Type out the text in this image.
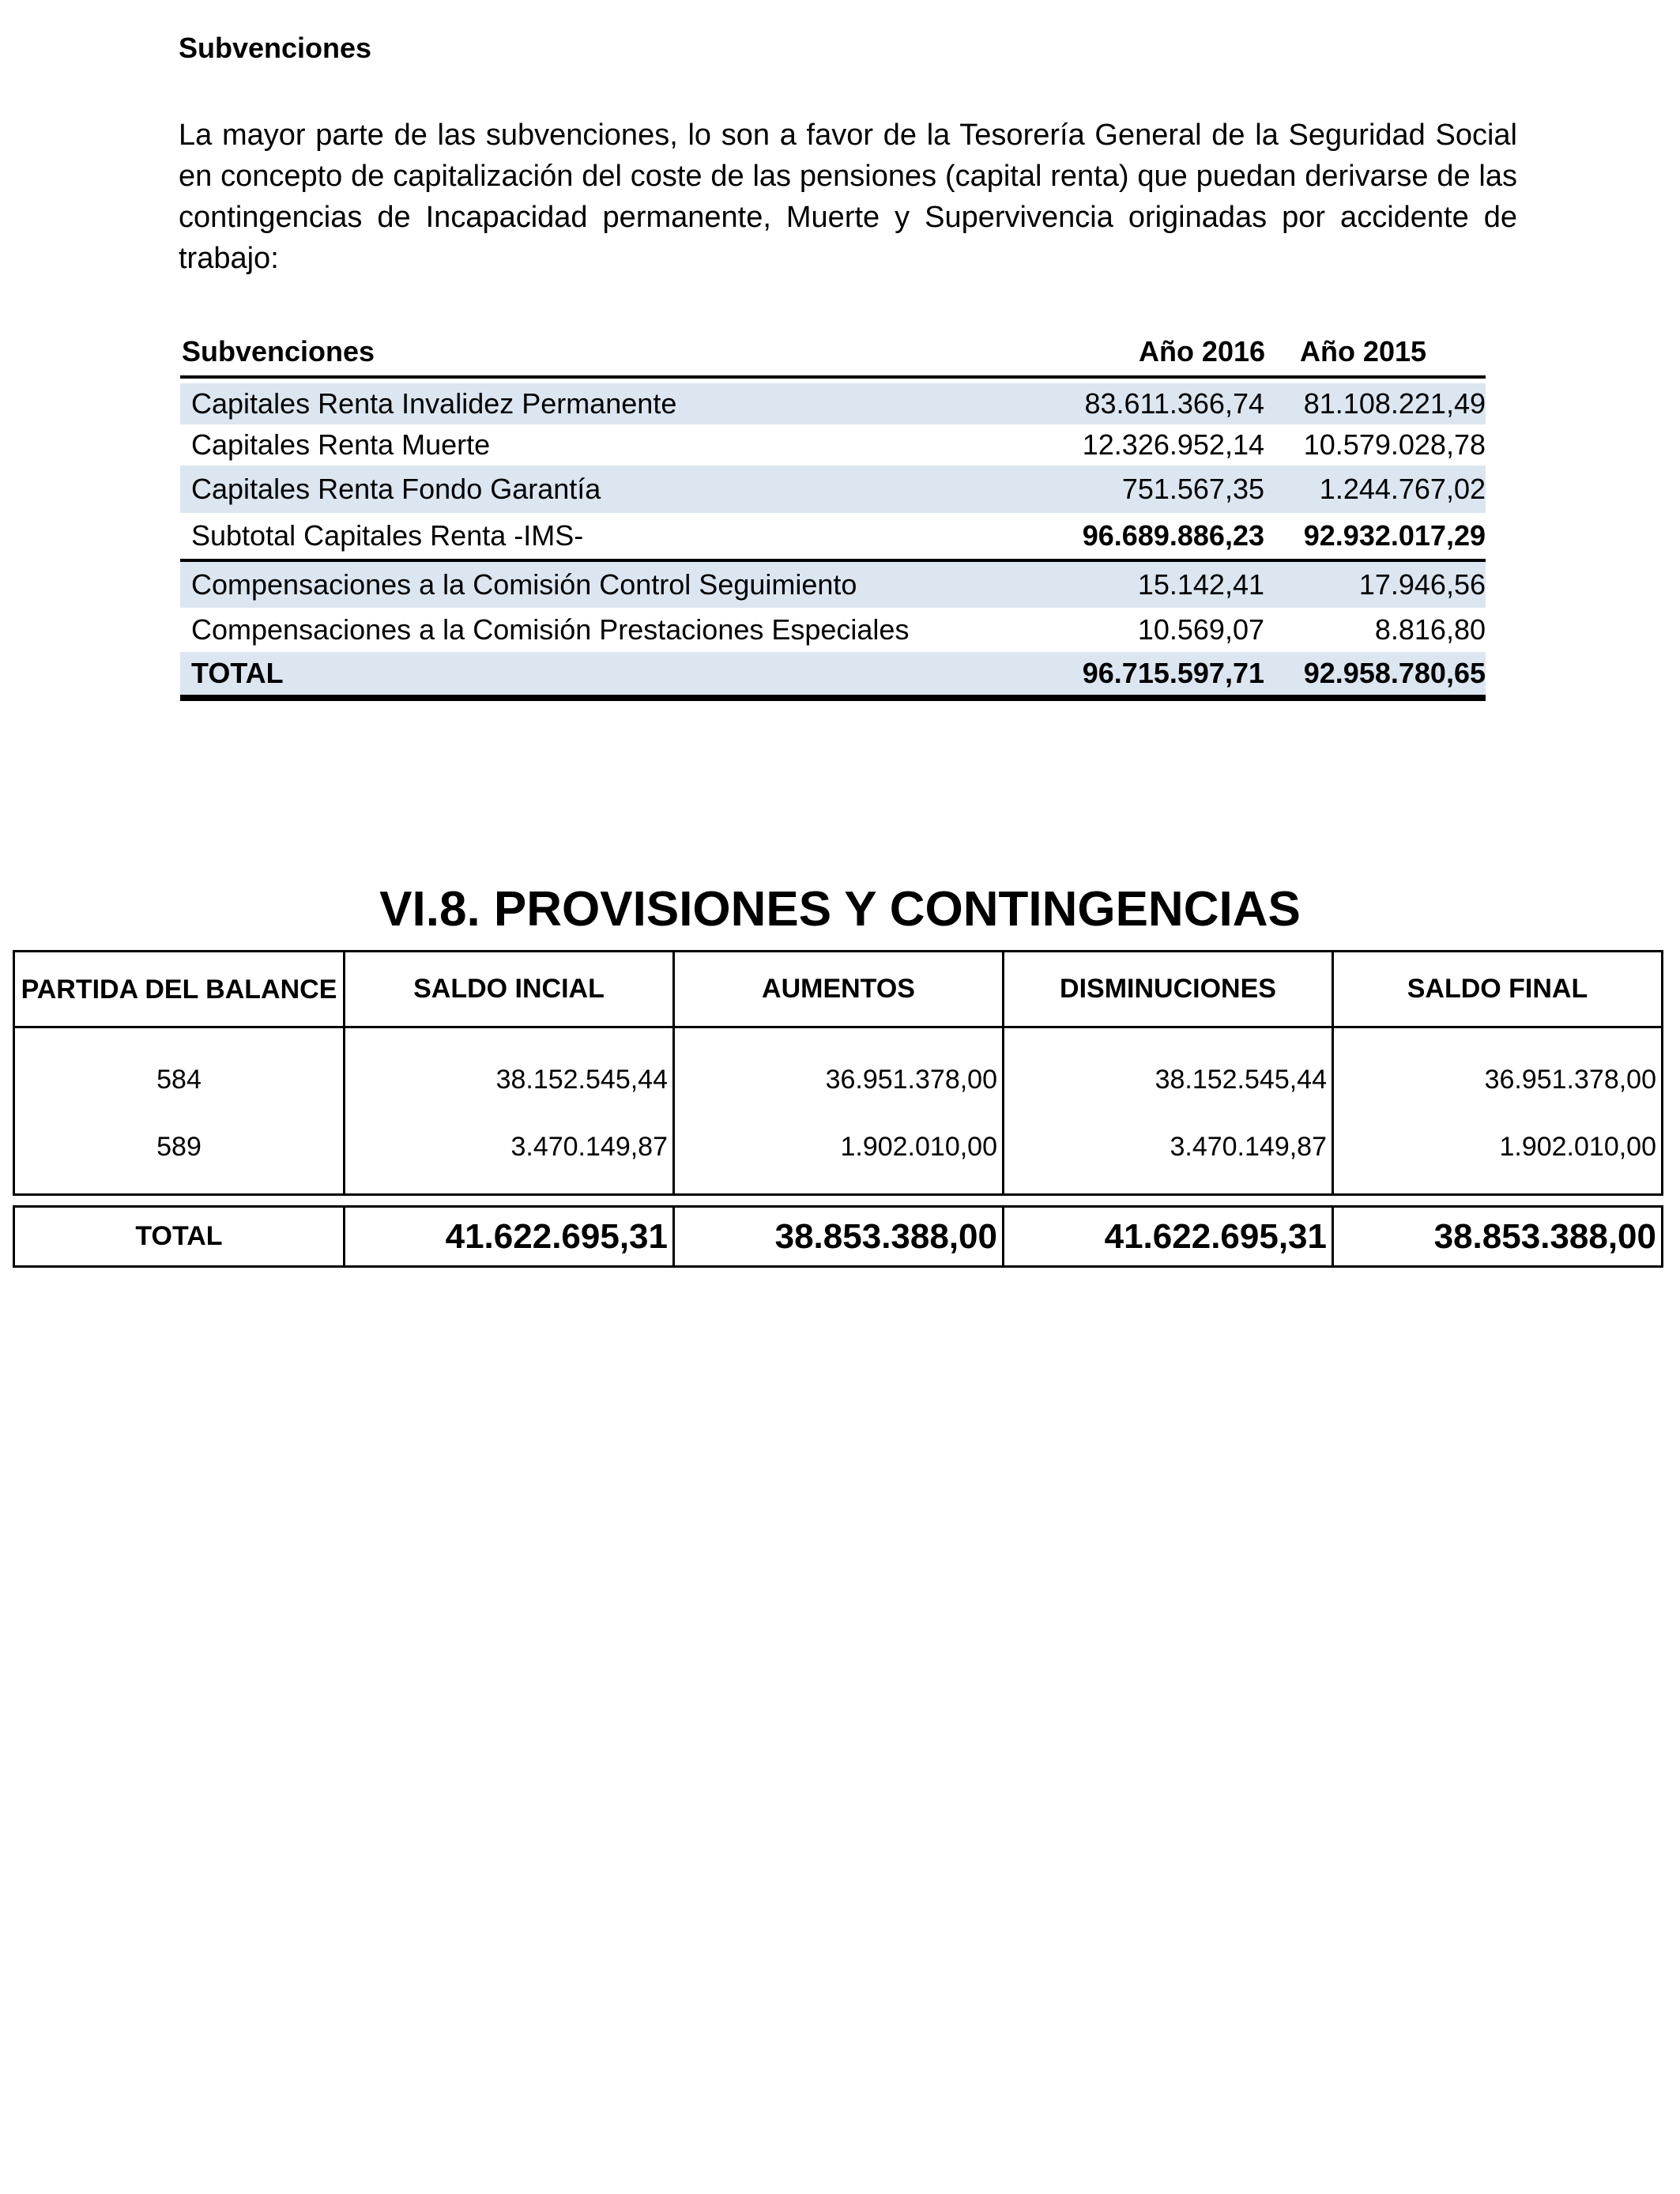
Subvenciones
La mayor parte de las subvenciones, lo son a favor de la Tesorería General de la Seguridad Social en concepto de capitalización del coste de las pensiones (capital renta) que puedan derivarse de las contingencias de Incapacidad permanente, Muerte y Supervivencia originadas por accidente de trabajo:
Subvenciones	Año 2016	Año 2015
Capitales Renta Invalidez Permanente	83.611.366,74	81.108.221,49
Capitales Renta Muerte	12.326.952,14	10.579.028,78
Capitales Renta Fondo Garantía	751.567,35	1.244.767,02
Subtotal Capitales Renta -IMS-	96.689.886,23	92.932.017,29
Compensaciones a la Comisión Control Seguimiento	15.142,41	17.946,56
Compensaciones a la Comisión Prestaciones Especiales	10.569,07	8.816,80
TOTAL	96.715.597,71	92.958.780,65
VI.8. PROVISIONES Y CONTINGENCIAS
PARTIDA DEL BALANCE	SALDO INCIAL	AUMENTOS	DISMINUCIONES	SALDO FINAL
584	38.152.545,44	36.951.378,00	38.152.545,44	36.951.378,00
589	3.470.149,87	1.902.010,00	3.470.149,87	1.902.010,00
TOTAL	41.622.695,31	38.853.388,00	41.622.695,31	38.853.388,00
